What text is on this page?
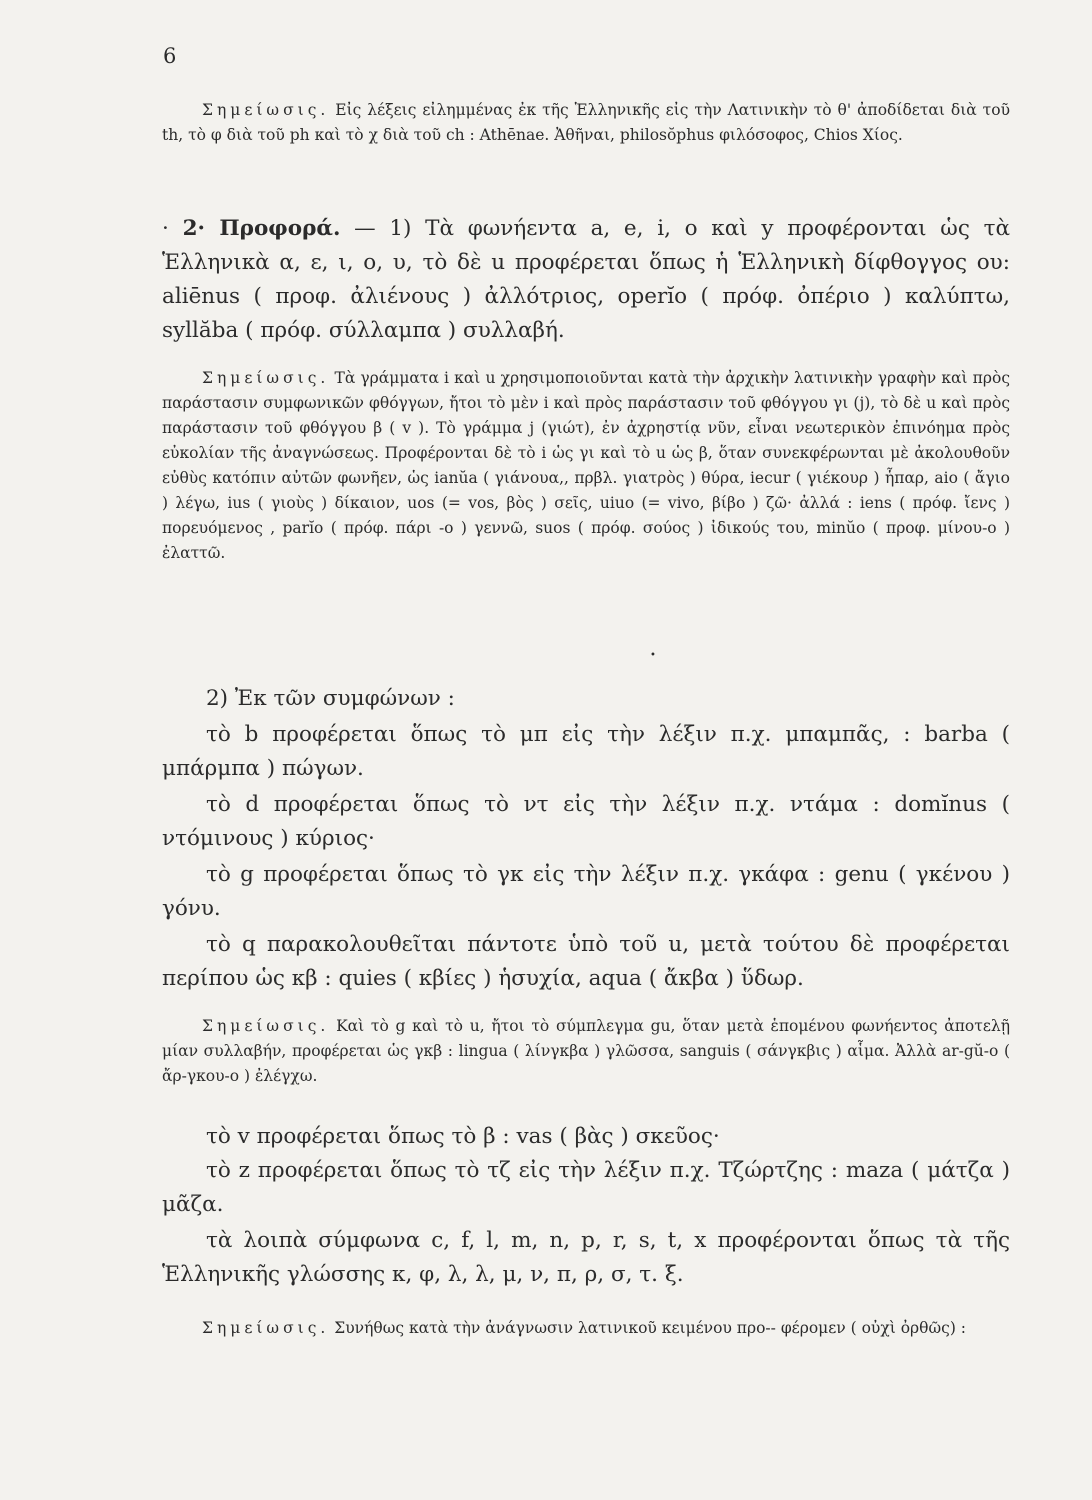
6
Σημείωσις. Εἰς λέξεις εἰλημμένας ἐκ τῆς Ἑλληνικῆς εἰς τὴν Λατινικὴν τὸ θ' ἀποδίδεται διὰ τοῦ th, τὸ φ διὰ τοῦ ph καὶ τὸ χ διὰ τοῦ ch : Athēnae. Ἀθῆναι, philosŏphus φιλόσοφος, Chios Χίος.
· 2· Προφορά. — 1) Τὰ φωνήεντα a, e, i, o καὶ y προφέρονται ὡς τὰ Ἑλληνικὰ α, ε, ι, ο, υ, τὸ δὲ u προφέρεται ὅπως ἡ Ἑλληνικὴ δίφθογγος ου: aliēnus ( προφ. ἀλιένους ) ἀλλότριος, operĭo ( πρόφ. ὀπέριο ) καλύπτω, syllăba ( πρόφ. σύλλαμπα ) συλλαβή.
Σημείωσις. Τὰ γράμματα i καὶ u χρησιμοποιοῦνται κατὰ τὴν ἀρχικὴν λατινικὴν γραφὴν καὶ πρὸς παράστασιν συμφωνικῶν φθόγγων, ἤτοι τὸ μὲν i καὶ πρὸς παράστασιν τοῦ φθόγγου γι (j), τὸ δὲ u καὶ πρὸς παράστασιν τοῦ φθόγγου β ( v ). Τὸ γράμμα j (γιώτ), ἐν ἀχρηστίᾳ νῦν, εἶναι νεωτερικὸν ἐπινόημα πρὸς εὐκολίαν τῆς ἀναγνώσεως. Προφέρονται δὲ τὸ i ὡς γι καὶ τὸ u ὡς β, ὅταν συνεκφέρωνται μὲ ἀκολουθοῦν εὐθὺς κατόπιν αὐτῶν φωνῆεν, ὡς ianŭa ( γιάνουα,, πρβλ. γιατρὸς ) θύρα, iecur ( γιέκουρ ) ἧπαρ, aio ( ἄγιο ) λέγω, ius ( γιοὺς ) δίκαιον, uos (= vos, βὸς ) σεῖς, uiuo (= vivo, βίβο ) ζῶ· ἀλλά : iens ( πρόφ. ἴενς ) πορευόμενος , parĭo ( πρόφ. πάρι -ο ) γεννῶ, suos ( πρόφ. σούος ) ἰδικούς του, minŭo ( προφ. μίνου-ο ) ἐλαττῶ.
•
2) Ἐκ τῶν συμφώνων :
τὸ b προφέρεται ὅπως τὸ μπ εἰς τὴν λέξιν π.χ. μπαμπᾶς, : barba ( μπάρμπα ) πώγων.
τὸ d προφέρεται ὅπως τὸ ντ εἰς τὴν λέξιν π.χ. ντάμα : domĭnus ( ντόμινους ) κύριος·
τὸ g προφέρεται ὅπως τὸ γκ εἰς τὴν λέξιν π.χ. γκάφα : genu ( γκένου ) γόνυ.
τὸ q παρακολουθεῖται πάντοτε ὑπὸ τοῦ u, μετὰ τούτου δὲ προφέρεται περίπου ὡς κβ : quies ( κβίες ) ἡσυχία, aqua ( ἄκβα ) ὕδωρ.
Σημείωσις. Καὶ τὸ g καὶ τὸ u, ἤτοι τὸ σύμπλεγμα gu, ὅταν μετὰ ἑπομένου φωνήεντος ἀποτελῇ μίαν συλλαβήν, προφέρεται ὡς γκβ : lingua ( λίνγκβα ) γλῶσσα, sanguis ( σάνγκβις ) αἷμα. Ἀλλὰ ar-gŭ-o ( ἄρ-γκου-ο ) ἐλέγχω.
τὸ v προφέρεται ὅπως τὸ β : vas ( βὰς ) σκεῦος·
τὸ z προφέρεται ὅπως τὸ τζ εἰς τὴν λέξιν π.χ. Τζώρτζης : maza ( μάτζα ) μᾶζα.
τὰ λοιπὰ σύμφωνα c, f, l, m, n, p, r, s, t, x προφέρονται ὅπως τὰ τῆς Ἑλληνικῆς γλώσσης κ, φ, λ, λ, μ, ν, π, ρ, σ, τ. ξ.
Σημείωσις. Συνήθως κατὰ τὴν ἀνάγνωσιν λατινικοῦ κειμένου προ-- φέρομεν ( οὐχὶ ὀρθῶς) :
